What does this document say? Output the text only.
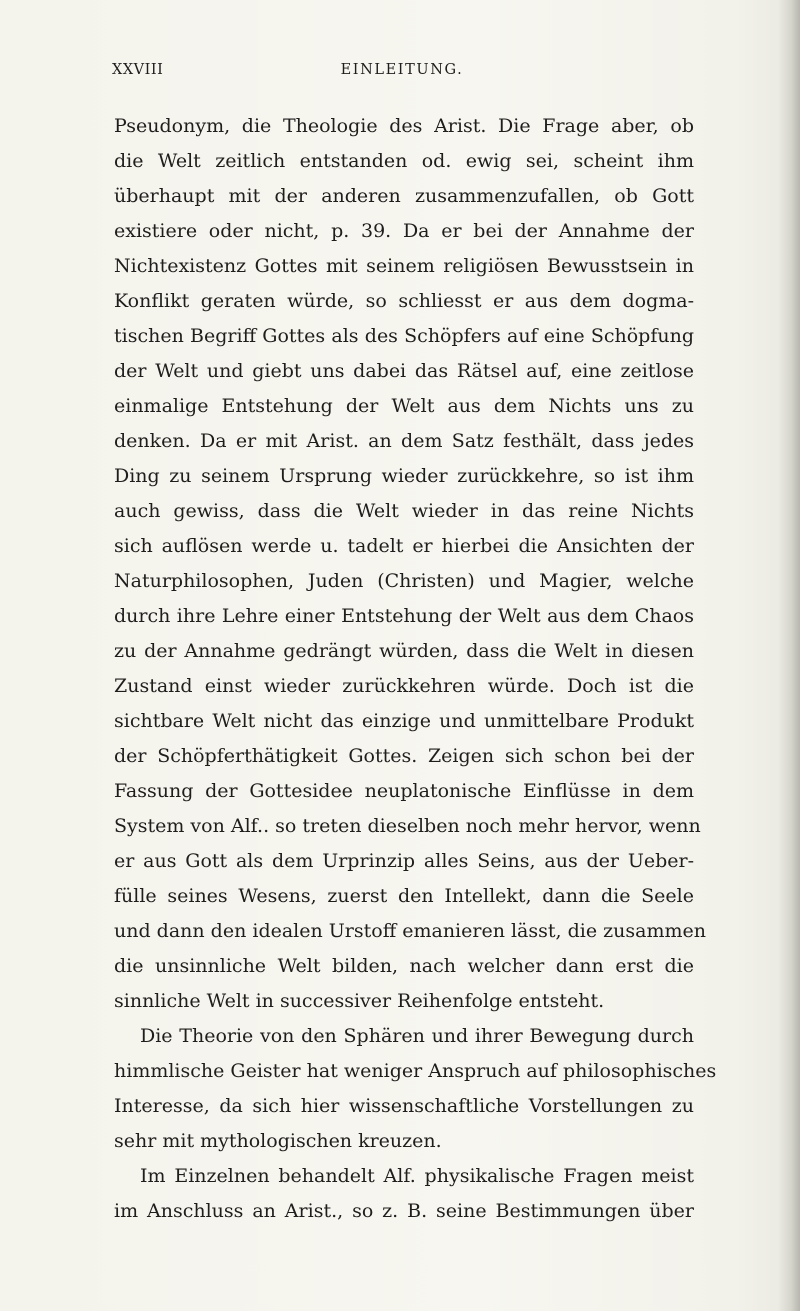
XXVIII	EINLEITUNG.
Pseudonym, die Theologie des Arist. Die Frage aber, ob
die Welt zeitlich entstanden od. ewig sei, scheint ihm
überhaupt mit der anderen zusammenzufallen, ob Gott
existiere oder nicht, p. 39. Da er bei der Annahme der
Nichtexistenz Gottes mit seinem religiösen Bewusstsein in
Konflikt geraten würde, so schliesst er aus dem dogma-
tischen Begriff Gottes als des Schöpfers auf eine Schöpfung
der Welt und giebt uns dabei das Rätsel auf, eine zeitlose
einmalige Entstehung der Welt aus dem Nichts uns zu
denken. Da er mit Arist. an dem Satz festhält, dass jedes
Ding zu seinem Ursprung wieder zurückkehre, so ist ihm
auch gewiss, dass die Welt wieder in das reine Nichts
sich auflösen werde u. tadelt er hierbei die Ansichten der
Naturphilosophen, Juden (Christen) und Magier, welche
durch ihre Lehre einer Entstehung der Welt aus dem Chaos
zu der Annahme gedrängt würden, dass die Welt in diesen
Zustand einst wieder zurückkehren würde. Doch ist die
sichtbare Welt nicht das einzige und unmittelbare Produkt
der Schöpferthätigkeit Gottes. Zeigen sich schon bei der
Fassung der Gottesidee neuplatonische Einflüsse in dem
System von Alf.. so treten dieselben noch mehr hervor, wenn
er aus Gott als dem Urprinzip alles Seins, aus der Ueber-
fülle seines Wesens, zuerst den Intellekt, dann die Seele
und dann den idealen Urstoff emanieren lässt, die zusammen
die unsinnliche Welt bilden, nach welcher dann erst die
sinnliche Welt in successiver Reihenfolge entsteht.
Die Theorie von den Sphären und ihrer Bewegung durch
himmlische Geister hat weniger Anspruch auf philosophisches
Interesse, da sich hier wissenschaftliche Vorstellungen zu
sehr mit mythologischen kreuzen.
Im Einzelnen behandelt Alf. physikalische Fragen meist
im Anschluss an Arist., so z. B. seine Bestimmungen über
